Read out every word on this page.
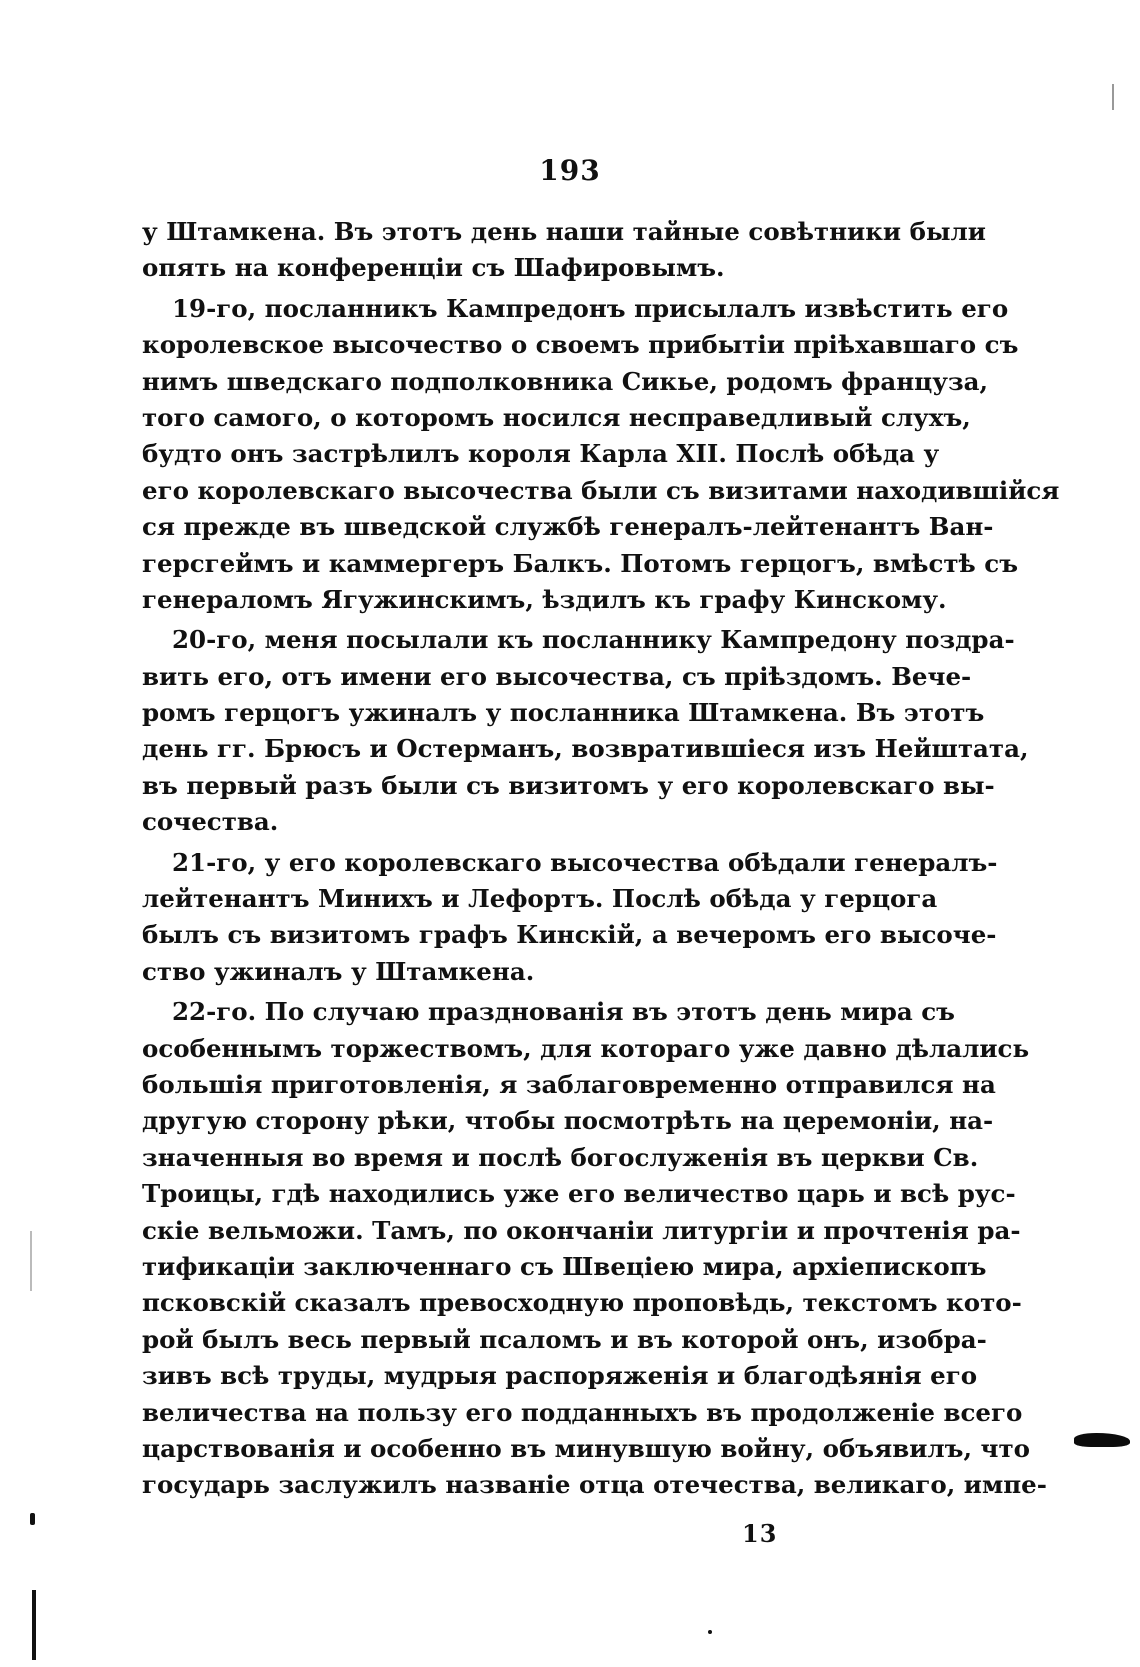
193
у Штамкена. Въ этотъ день наши тайные совѣтники были
опять на конференціи съ Шафировымъ.
19-го, посланникъ Кампредонъ присылалъ извѣстить его
королевское высочество о своемъ прибытіи пріѣхавшаго съ
нимъ шведскаго подполковника Сикье, родомъ француза,
того самого, о которомъ носился несправедливый слухъ,
будто онъ застрѣлилъ короля Карла XII. Послѣ обѣда у
его королевскаго высочества были съ визитами находившійся
ся прежде въ шведской службѣ генералъ-лейтенантъ Ван-
герсгеймъ и каммергеръ Балкъ. Потомъ герцогъ, вмѣстѣ съ
генераломъ Ягужинскимъ, ѣздилъ къ графу Кинскому.
20-го, меня посылали къ посланнику Кампредону поздра-
вить его, отъ имени его высочества, съ пріѣздомъ. Вече-
ромъ герцогъ ужиналъ у посланника Штамкена. Въ этотъ
день гг. Брюсъ и Остерманъ, возвратившіеся изъ Нейштата,
въ первый разъ были съ визитомъ у его королевскаго вы-
сочества.
21-го, у его королевскаго высочества обѣдали генералъ-
лейтенантъ Минихъ и Лефортъ. Послѣ обѣда у герцога
былъ съ визитомъ графъ Кинскій, а вечеромъ его высоче-
ство ужиналъ у Штамкена.
22-го. По случаю празднованія въ этотъ день мира съ
особеннымъ торжествомъ, для котораго уже давно дѣлались
большія приготовленія, я заблаговременно отправился на
другую сторону рѣки, чтобы посмотрѣть на церемоніи, на-
значенныя во время и послѣ богослуженія въ церкви Св.
Троицы, гдѣ находились уже его величество царь и всѣ рус-
скіе вельможи. Тамъ, по окончаніи литургіи и прочтенія ра-
тификаціи заключеннаго съ Швеціею мира, архіепископъ
псковскій сказалъ превосходную проповѣдь, текстомъ кото-
рой былъ весь первый псаломъ и въ которой онъ, изобра-
зивъ всѣ труды, мудрыя распоряженія и благодѣянія его
величества на пользу его подданныхъ въ продолженіе всего
царствованія и особенно въ минувшую войну, объявилъ, что
государь заслужилъ названіе отца отечества, великаго, импе-
13
